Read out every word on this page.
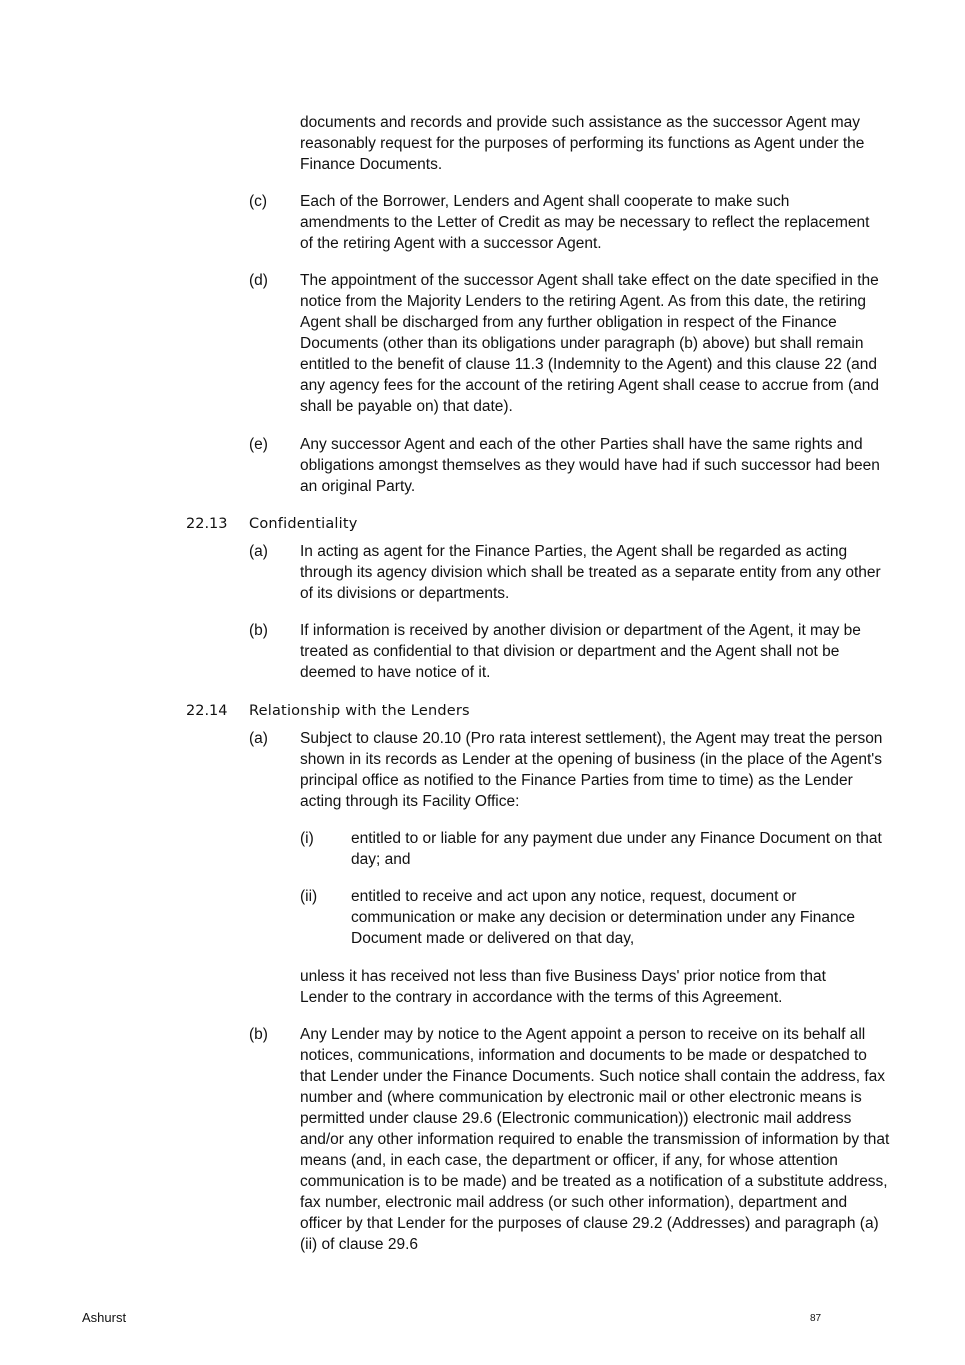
documents and records and provide such assistance as the successor Agent may reasonably request for the purposes of performing its functions as Agent under the Finance Documents.

(c) Each of the Borrower, Lenders and Agent shall cooperate to make such amendments to the Letter of Credit as may be necessary to reflect the replacement of the retiring Agent with a successor Agent.

(d) The appointment of the successor Agent shall take effect on the date specified in the notice from the Majority Lenders to the retiring Agent. As from this date, the retiring Agent shall be discharged from any further obligation in respect of the Finance Documents (other than its obligations under paragraph (b) above) but shall remain entitled to the benefit of clause 11.3 (Indemnity to the Agent) and this clause 22 (and any agency fees for the account of the retiring Agent shall cease to accrue from (and shall be payable on) that date).

(e) Any successor Agent and each of the other Parties shall have the same rights and obligations amongst themselves as they would have had if such successor had been an original Party.

22.13 Confidentiality
(a) In acting as agent for the Finance Parties, the Agent shall be regarded as acting through its agency division which shall be treated as a separate entity from any other of its divisions or departments.

(b) If information is received by another division or department of the Agent, it may be treated as confidential to that division or department and the Agent shall not be deemed to have notice of it.

22.14 Relationship with the Lenders
(a) Subject to clause 20.10 (Pro rata interest settlement), the Agent may treat the person shown in its records as Lender at the opening of business (in the place of the Agent's principal office as notified to the Finance Parties from time to time) as the Lender acting through its Facility Office:

(i) entitled to or liable for any payment due under any Finance Document on that day; and

(ii) entitled to receive and act upon any notice, request, document or communication or make any decision or determination under any Finance Document made or delivered on that day,

unless it has received not less than five Business Days' prior notice from that Lender to the contrary in accordance with the terms of this Agreement.

(b) Any Lender may by notice to the Agent appoint a person to receive on its behalf all notices, communications, information and documents to be made or despatched to that Lender under the Finance Documents. Such notice shall contain the address, fax number and (where communication by electronic mail or other electronic means is permitted under clause 29.6 (Electronic communication)) electronic mail address and/or any other information required to enable the transmission of information by that means (and, in each case, the department or officer, if any, for whose attention communication is to be made) and be treated as a notification of a substitute address, fax number, electronic mail address (or such other information), department and officer by that Lender for the purposes of clause 29.2 (Addresses) and paragraph (a)(ii) of clause 29.6

Ashurst	87
